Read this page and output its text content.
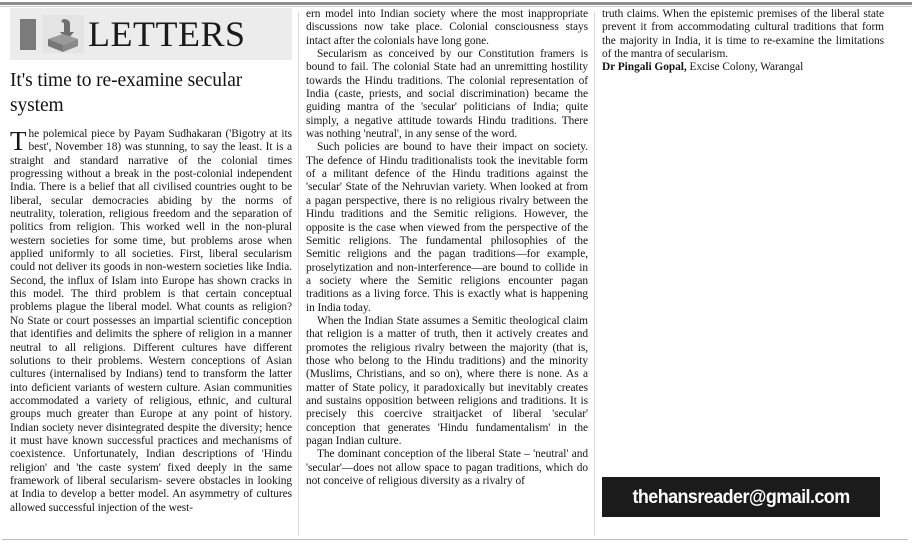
LETTERS
It's time to re-examine secular system

The polemical piece by Payam Sudhakaran ('Bigotry at its best', November 18) was stunning, to say the least. It is a straight and standard narrative of the colonial times progressing without a break in the post-colonial independent India. There is a belief that all civilised countries ought to be liberal, secular democracies abiding by the norms of neutrality, toleration, religious freedom and the separation of politics from religion. This worked well in the non-plural western societies for some time, but problems arose when applied uniformly to all societies. First, liberal secularism could not deliver its goods in non-western societies like India. Second, the influx of Islam into Europe has shown cracks in this model. The third problem is that certain conceptual problems plague the liberal model. What counts as religion? No State or court possesses an impartial scientific conception that identifies and delimits the sphere of religion in a manner neutral to all religions. Different cultures have different solutions to their problems. Western conceptions of Asian cultures (internalised by Indians) tend to transform the latter into deficient variants of western culture. Asian communities accommodated a variety of religious, ethnic, and cultural groups much greater than Europe at any point of history. Indian society never disintegrated despite the diversity; hence it must have known successful practices and mechanisms of coexistence. Unfortunately, Indian descriptions of 'Hindu religion' and 'the caste system' fixed deeply in the same framework of liberal secularism- severe obstacles in looking at India to develop a better model. An asymmetry of cultures allowed successful injection of the west-

ern model into Indian society where the most inappropriate discussions now take place. Colonial consciousness stays intact after the colonials have long gone.

Secularism as conceived by our Constitution framers is bound to fail. The colonial State had an unremitting hostility towards the Hindu traditions. The colonial representation of India (caste, priests, and social discrimination) became the guiding mantra of the 'secular' politicians of India; quite simply, a negative attitude towards Hindu traditions. There was nothing 'neutral', in any sense of the word.

Such policies are bound to have their impact on society. The defence of Hindu traditionalists took the inevitable form of a militant defence of the Hindu traditions against the 'secular' State of the Nehruvian variety. When looked at from a pagan perspective, there is no religious rivalry between the Hindu traditions and the Semitic religions. However, the opposite is the case when viewed from the perspective of the Semitic religions. The fundamental philosophies of the Semitic religions and the pagan traditions—for example, proselytization and non-interference—are bound to collide in a society where the Semitic religions encounter pagan traditions as a living force. This is exactly what is happening in India today.

When the Indian State assumes a Semitic theological claim that religion is a matter of truth, then it actively creates and promotes the religious rivalry between the majority (that is, those who belong to the Hindu traditions) and the minority (Muslims, Christians, and so on), where there is none. As a matter of State policy, it paradoxically but inevitably creates and sustains opposition between religions and traditions. It is precisely this coercive straitjacket of liberal 'secular' conception that generates 'Hindu fundamentalism' in the pagan Indian culture.

The dominant conception of the liberal State – 'neutral' and 'secular'—does not allow space to pagan traditions, which do not conceive of religious diversity as a rivalry of

truth claims. When the epistemic premises of the liberal state prevent it from accommodating cultural traditions that form the majority in India, it is time to re-examine the limitations of the mantra of secularism.

Dr Pingali Gopal, Excise Colony, Warangal

thehansreader@gmail.com
